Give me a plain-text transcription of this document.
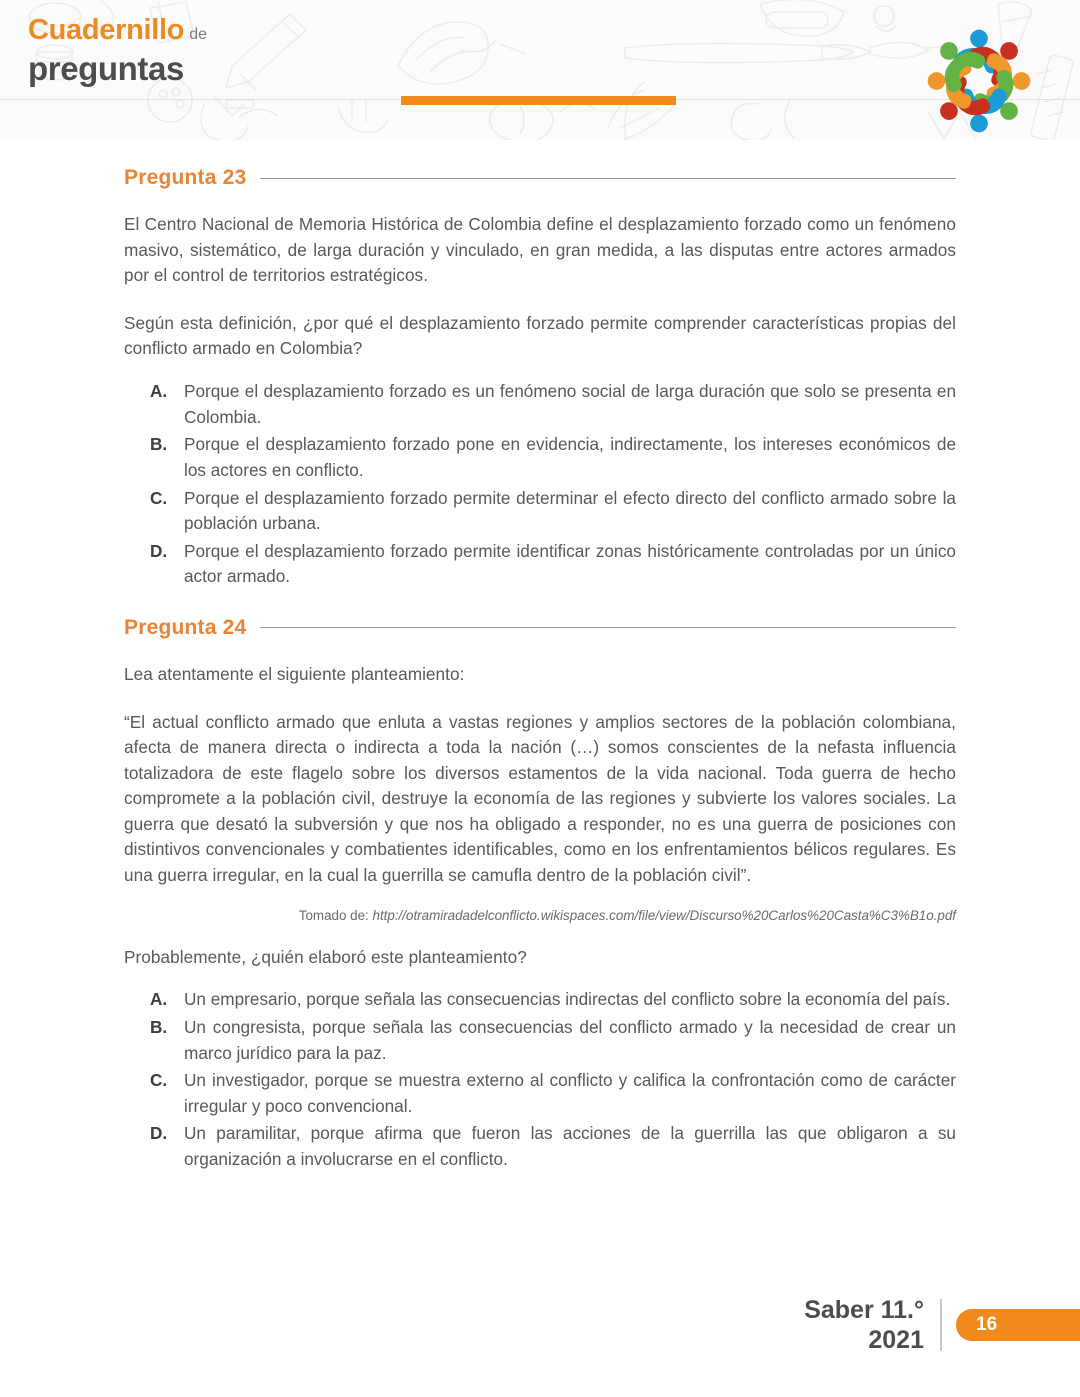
Cuadernillo de
preguntas
Pregunta 23

El Centro Nacional de Memoria Histórica de Colombia define el desplazamiento forzado como un fenómeno masivo, sistemático, de larga duración y vinculado, en gran medida, a las disputas entre actores armados por el control de territorios estratégicos.

Según esta definición, ¿por qué el desplazamiento forzado permite comprender características propias del conflicto armado en Colombia?

A. Porque el desplazamiento forzado es un fenómeno social de larga duración que solo se presenta en Colombia.
B. Porque el desplazamiento forzado pone en evidencia, indirectamente, los intereses económicos de los actores en conflicto.
C. Porque el desplazamiento forzado permite determinar el efecto directo del conflicto armado sobre la población urbana.
D. Porque el desplazamiento forzado permite identificar zonas históricamente controladas por un único actor armado.
Pregunta 24

Lea atentamente el siguiente planteamiento:

“El actual conflicto armado que enluta a vastas regiones y amplios sectores de la población colombiana, afecta de manera directa o indirecta a toda la nación (…) somos conscientes de la nefasta influencia totalizadora de este flagelo sobre los diversos estamentos de la vida nacional. Toda guerra de hecho compromete a la población civil, destruye la economía de las regiones y subvierte los valores sociales. La guerra que desató la subversión y que nos ha obligado a responder, no es una guerra de posiciones con distintivos convencionales y combatientes identificables, como en los enfrentamientos bélicos regulares. Es una guerra irregular, en la cual la guerrilla se camufla dentro de la población civil”.

Tomado de: http://otramiradadelconflicto.wikispaces.com/file/view/Discurso%20Carlos%20Casta%C3%B1o.pdf

Probablemente, ¿quién elaboró este planteamiento?

A. Un empresario, porque señala las consecuencias indirectas del conflicto sobre la economía del país.
B. Un congresista, porque señala las consecuencias del conflicto armado y la necesidad de crear un marco jurídico para la paz.
C. Un investigador, porque se muestra externo al conflicto y califica la confrontación como de carácter irregular y poco convencional.
D. Un paramilitar, porque afirma que fueron las acciones de la guerrilla las que obligaron a su organización a involucrarse en el conflicto.
Saber 11.°
2021
16
